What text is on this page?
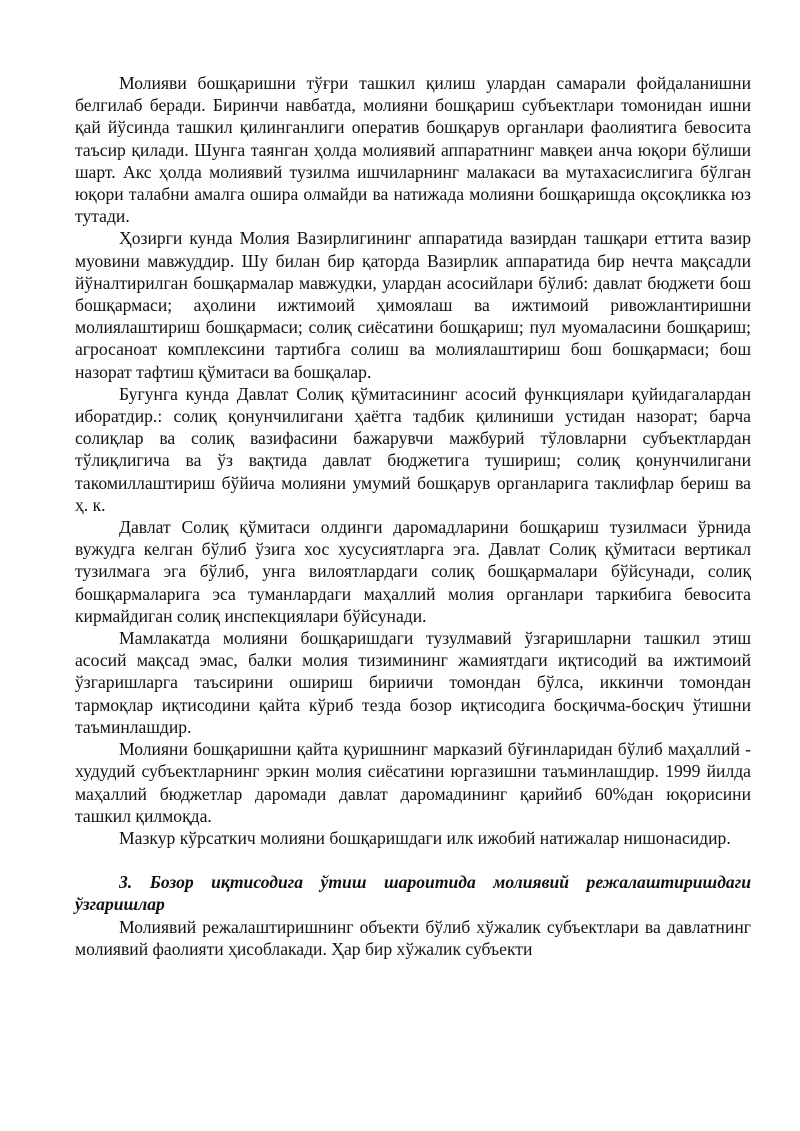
Молияви бошқаришни тўғри ташкил қилиш улардан самарали фойдаланишни белгилаб беради. Биринчи навбатда, молияни бошқариш субъектлари томонидан ишни қай йўсинда ташкил қилинганлиги оператив бошқарув органлари фаолиятига бевосита таъсир қилади. Шунга таянган ҳолда молиявий аппаратнинг мавқеи анча юқори бўлиши шарт. Акс ҳолда молиявий тузилма ишчиларнинг малакаси ва мутахасислигига бўлган юқори талабни амалга ошира олмайди ва натижада молияни бошқаришда оқсоқликка юз тутади.

Ҳозирги кунда Молия Вазирлигининг аппаратида вазирдан ташқари еттита вазир муовини мавжуддир. Шу билан бир қаторда Вазирлик аппаратида бир нечта мақсадли йўналтирилган бошқармалар мавжудки, улардан асосийлари бўлиб: давлат бюджети бош бошқармаси; аҳолини ижтимоий ҳимоялаш ва ижтимоий ривожлантиришни молиялаштириш бошқармаси; солиқ сиёсатини бошқариш; пул муомаласини бошқариш; агросаноат комплексини тартибга солиш ва молиялаштириш бош бошқармаси; бош назорат тафтиш қўмитаси ва бошқалар.

Бугунга кунда Давлат Солиқ қўмитасининг асосий функциялари қуйидагалардан иборатдир.: солиқ қонунчилигани ҳаётга тадбик қилиниши устидан назорат; барча солиқлар ва солиқ вазифасини бажарувчи мажбурий тўловларни субъектлардан тўлиқлигича ва ўз вақтида давлат бюджетига тушириш; солиқ қонунчилигани такомиллаштириш бўйича молияни умумий бошқарув органларига таклифлар бериш ва ҳ. к.

Давлат Солиқ қўмитаси олдинги даромадларини бошқариш тузилмаси ўрнида вужудга келган бўлиб ўзига хос хусусиятларга эга. Давлат Солиқ қўмитаси вертикал тузилмага эга бўлиб, унга вилоятлардаги солиқ бошқармалари бўйсунади, солиқ бошқармаларига эса туманлардаги маҳаллий молия органлари таркибига бевосита кирмайдиган солиқ инспекциялари бўйсунади.

Мамлакатда молияни бошқаришдаги тузулмавий ўзгаришларни ташкил этиш асосий мақсад эмас, балки молия тизимининг жамиятдаги иқтисодий ва ижтимоий ўзгаришларга таъсирини ошириш бириичи томондан бўлса, иккинчи томондан тармоқлар иқтисодини қайта кўриб тезда бозор иқтисодига босқичма-босқич ўтишни таъминлашдир.

Молияни бошқаришни қайта қуришнинг марказий бўғинларидан бўлиб маҳаллий - худудий субъектларнинг эркин молия сиёсатини юргазишни таъминлашдир. 1999 йилда маҳаллий бюджетлар даромади давлат даромадининг қарийиб 60%дан юқорисини ташкил қилмоқда.

Мазкур кўрсаткич молияни бошқаришдаги илк ижобий натижалар нишонасидир.

3. Бозор иқтисодига ўтиш шароитида молиявий режалаштиришдаги ўзгаришлар

Молиявий режалаштиришнинг объекти бўлиб хўжалик субъектлари ва давлатнинг молиявий фаолияти ҳисоблакади. Ҳар бир хўжалик субъекти
